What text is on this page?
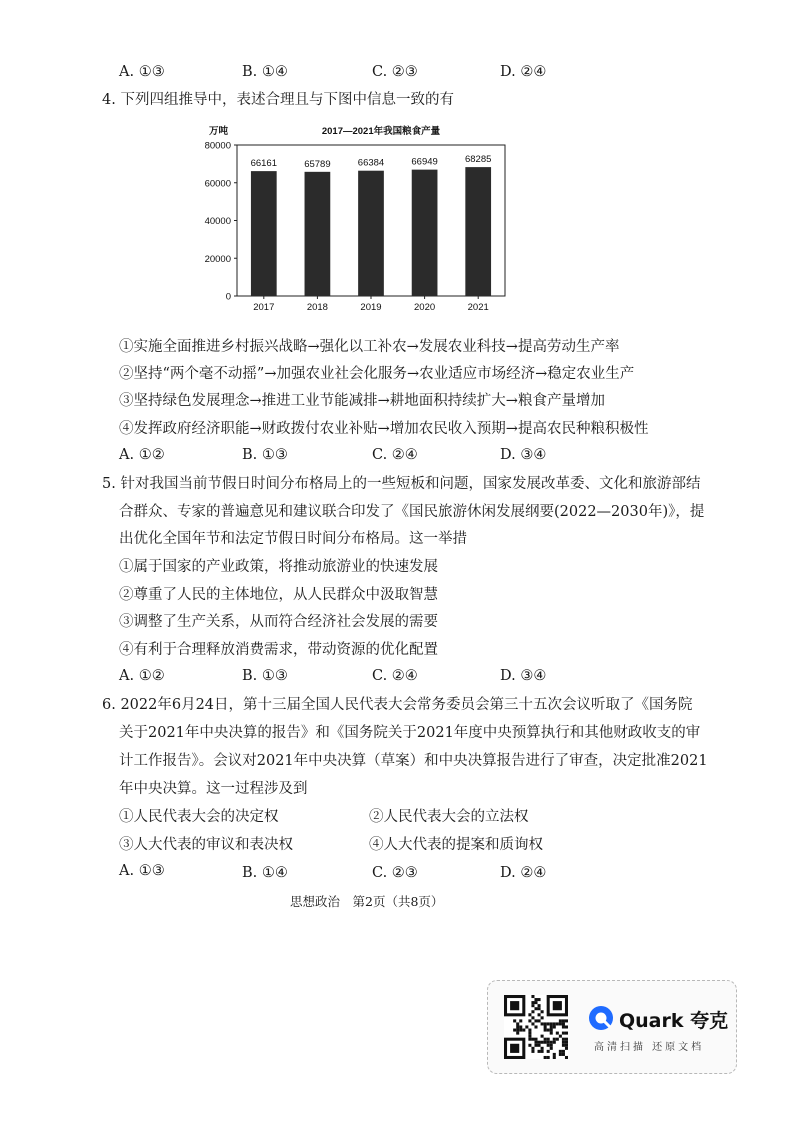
A. ①③	B. ①④	C. ②③	D. ②④
4. 下列四组推导中，表述合理且与下图中信息一致的有
2017—2021年我国粮食产量
万吨
0
20000
40000
60000
80000
66161
2017
65789
2018
66384
2019
66949
2020
68285
2021
①实施全面推进乡村振兴战略→强化以工补农→发展农业科技→提高劳动生产率
②坚持“两个毫不动摇”→加强农业社会化服务→农业适应市场经济→稳定农业生产
③坚持绿色发展理念→推进工业节能减排→耕地面积持续扩大→粮食产量增加
④发挥政府经济职能→财政拨付农业补贴→增加农民收入预期→提高农民种粮积极性
A. ①②	B. ①③	C. ②④	D. ③④
5. 针对我国当前节假日时间分布格局上的一些短板和问题，国家发展改革委、文化和旅游部结
合群众、专家的普遍意见和建议联合印发了《国民旅游休闲发展纲要(2022—2030年)》，提
出优化全国年节和法定节假日时间分布格局。这一举措
①属于国家的产业政策，将推动旅游业的快速发展
②尊重了人民的主体地位，从人民群众中汲取智慧
③调整了生产关系，从而符合经济社会发展的需要
④有利于合理释放消费需求，带动资源的优化配置
A. ①②	B. ①③	C. ②④	D. ③④
6. 2022年6月24日，第十三届全国人民代表大会常务委员会第三十五次会议听取了《国务院
关于2021年中央决算的报告》和《国务院关于2021年度中央预算执行和其他财政收支的审
计工作报告》。会议对2021年中央决算（草案）和中央决算报告进行了审查，决定批准2021
年中央决算。这一过程涉及到
①人民代表大会的决定权	②人民代表大会的立法权
③人大代表的审议和表决权	④人大代表的提案和质询权
A. ①③	B. ①④	C. ②③	D. ②④
思想政治　第2页（共8页）
Quark 夸克
高清扫描 还原文档
